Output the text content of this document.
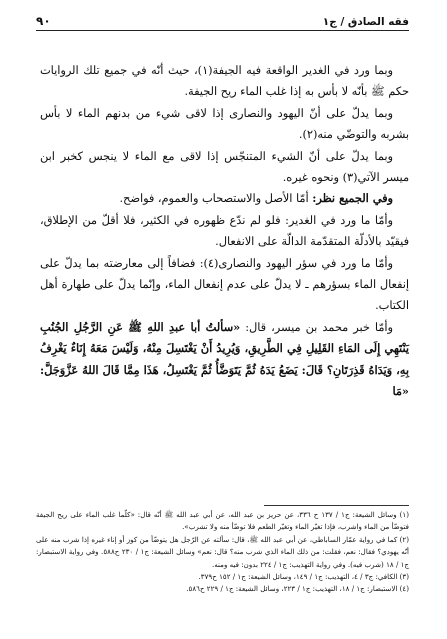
فقه الصادق / ج١
٩٠

وبما ورد في الغدير الواقعة فيه الجيفة(١)، حيث أنّه في جميع تلك الروايات حكم ﷺ بأنّه لا بأس به إذا غلب الماء ريح الجيفة.

وبما يدلّ على أنّ اليهود والنصارى إذا لاقى شيء من بدنهم الماء لا بأس بشربه والتوضّي منه(٢).

وبما يدلّ على أنّ الشيء المتنجّس إذا لاقى مع الماء لا ينجس كخبر ابن ميسر الآتي(٣) ونحوه غيره.

وفي الجميع نظر: أمّا الأصل والاستصحاب والعموم، فواضح.

وأمّا ما ورد في الغدير: فلو لم ندّع ظهوره في الكثير، فلا أقلّ من الإطلاق، فيقيّد بالأدلّة المتقدّمة الدالّة على الانفعال.

وأمّا ما ورد في سؤر اليهود والنصارى(٤): فضافاً إلى معارضته بما يدلّ على إنفعال الماء بسؤرهم ـ لا يدلّ على عدم إنفعال الماء، وإنّما يدلّ على طهارة أهل الكتاب.

وأمّا خبر محمد بن ميسر، قال: «سألتُ أبا عبدِ اللهِ ﷺ عَنِ الرَّجُلِ الجُنُبِ يَنْتَهِي إِلَى المَاءِ القَلِيلِ فِي الطَّرِيقِ، وَيُرِيدُ أَنْ يَغْتَسِلَ مِنْهُ، وَلَيْسَ مَعَهُ إِنَاءٌ يَغْرِفُ بِهِ، وَيَدَاهُ قَذِرَتَانِ؟ قَالَ: يَضَعُ يَدَهُ ثُمَّ يَتَوَضَّأُ ثُمَّ يَغْتَسِلُ، هَذَا مِمَّا قَالَ اللهُ عَزَّوَجَلَّ: «مَا

(١) وسائل الشيعة: ج١ / ١٣٧ ح ٣٣٦، عن حريز بن عبد الله، عن أبي عبد الله ﷺ أنّه قال: «كلّما غلب الماء على ريح الجيفة فتوضّأ من الماء واشرب، فإذا تغيّر الماء وتغيّر الطعم فلا توضّأ منه ولا تشرب».

(٢) كما في رواية عمّار الساباطي، عن أبي عبد الله ﷺ، قال: سألته عن الرّجل هل يتوضّأ من كوز أو إناء غيره إذا شرب منه على أنّه يهودي؟ فقال: نعم، فقلت: من ذلك الماء الذي شرب منه؟ قال: نعم» وسائل الشيعة: ج١ / ٢٣٠ ح٥٨٨. وفي رواية الاستبصار: ج١ / ١٨ (شرب فيه). وفي رواية التهذيب: ج١ / ٢٢٤ بدون: فيه ومنه.

(٣) الكافي: ج٣ / ٤، التهذيب: ج١ / ١٤٩، وسائل الشيعة: ج١ / ١٥٢ ح٣٧٩.

(٤) الاستبصار: ج١ / ١٨، التهذيب: ج١ / ٢٢٣، وسائل الشيعة: ج١ / ٢٢٩ ح٥٨٦.
